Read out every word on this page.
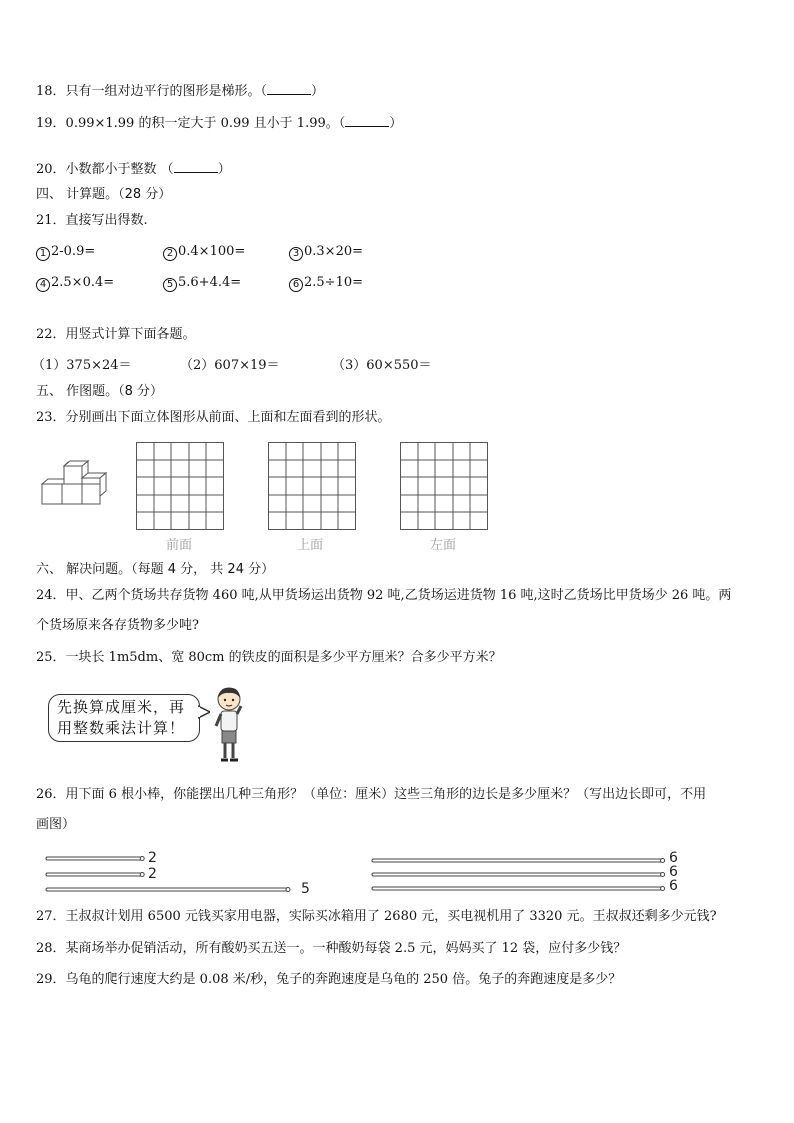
18．只有一组对边平行的图形是梯形。（	）
19．0.99×1.99 的积一定大于 0.99 且小于 1.99。（	）
20．小数都小于整数 （	）
四、 计算题。（28 分）
21．直接写出得数.
1 2-0.9=	2 0.4×100=	3 0.3×20=
4 2.5×0.4=	5 5.6+4.4=	6 2.5÷10=
22．用竖式计算下面各题。
（1）375×24＝	（2）607×19＝	（3）60×550＝
五、 作图题。（8 分）
23．分别画出下面立体图形从前面、上面和左面看到的形状。
前面	上面	左面
六、 解决问题。（每题 4 分， 共 24 分）
24．甲、乙两个货场共存货物 460 吨,从甲货场运出货物 92 吨,乙货场运进货物 16 吨,这时乙货场比甲货场少 26 吨。两
个货场原来各存货物多少吨?
25．一块长 1m5dm、宽 80cm 的铁皮的面积是多少平方厘米？合多少平方米？
先换算成厘米，再
用整数乘法计算！
26．用下面 6 根小棒，你能摆出几种三角形？（单位：厘米）这些三角形的边长是多少厘米？（写出边长即可，不用
画图）
2
2
5
6
6
6
27．王叔叔计划用 6500 元钱买家用电器，实际买冰箱用了 2680 元，买电视机用了 3320 元。王叔叔还剩多少元钱?
28．某商场举办促销活动，所有酸奶买五送一。一种酸奶每袋 2.5 元，妈妈买了 12 袋，应付多少钱？
29．乌龟的爬行速度大约是 0.08 米/秒，兔子的奔跑速度是乌龟的 250 倍。兔子的奔跑速度是多少？
